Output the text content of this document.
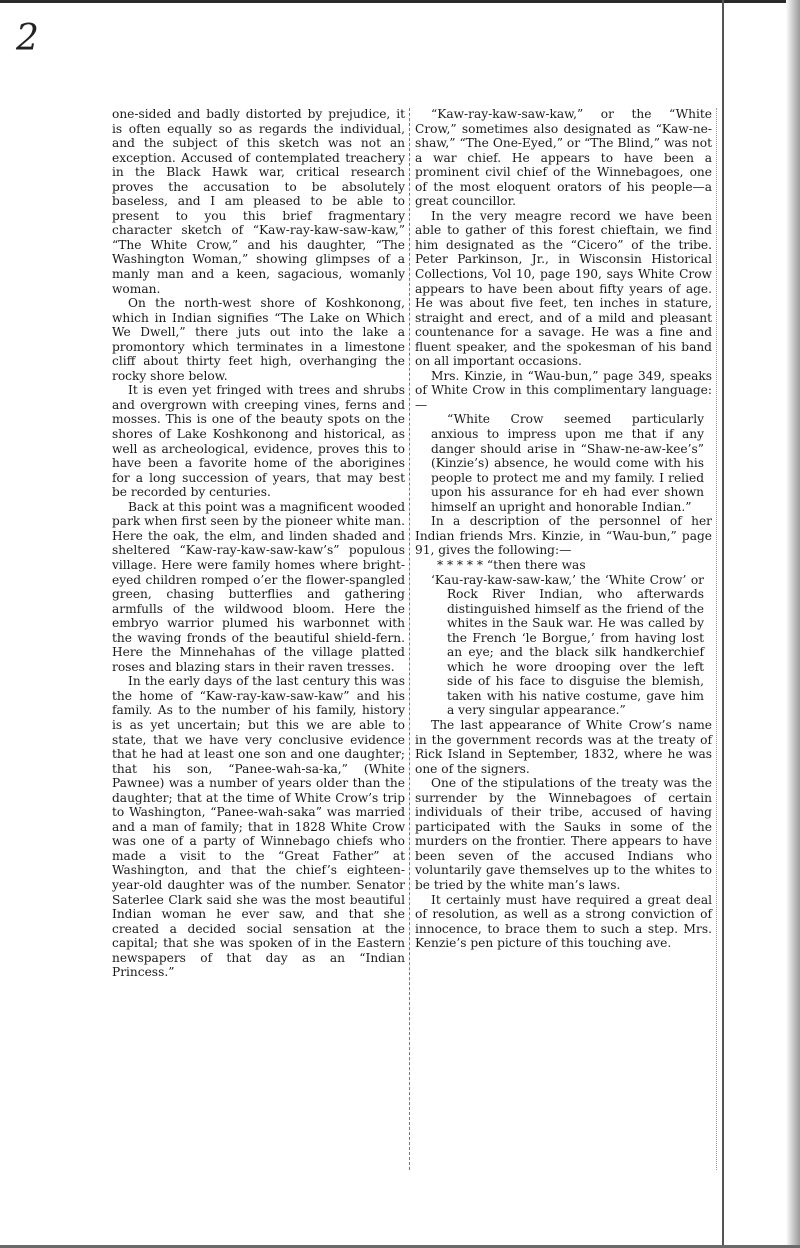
2

one-sided and badly distorted by prejudice, it is often equally so as regards the individual, and the subject of this sketch was not an exception. Accused of contemplated treachery in the Black Hawk war, critical research proves the accusation to be absolutely baseless, and I am pleased to be able to present to you this brief fragmentary character sketch of “Kaw-ray-kaw-saw-kaw,” “The White Crow,” and his daughter, “The Washington Woman,” showing glimpses of a manly man and a keen, sagacious, womanly woman.

On the north-west shore of Koshkonong, which in Indian signifies “The Lake on Which We Dwell,” there juts out into the lake a promontory which terminates in a limestone cliff about thirty feet high, overhanging the rocky shore below.

It is even yet fringed with trees and shrubs and overgrown with creeping vines, ferns and mosses. This is one of the beauty spots on the shores of Lake Koshkonong and historical, as well as archeological, evidence, proves this to have been a favorite home of the aborigines for a long succession of years, that may best be recorded by centuries.

Back at this point was a magnificent wooded park when first seen by the pioneer white man. Here the oak, the elm, and linden shaded and sheltered “Kaw-ray-kaw-saw-kaw’s” populous village. Here were family homes where bright-eyed children romped o’er the flower-spangled green, chasing butterflies and gathering armfulls of the wildwood bloom. Here the embryo warrior plumed his warbonnet with the waving fronds of the beautiful shield-fern. Here the Minnehahas of the village platted roses and blazing stars in their raven tresses.

In the early days of the last century this was the home of “Kaw-ray-kaw-saw-kaw” and his family. As to the number of his family, history is as yet uncertain; but this we are able to state, that we have very conclusive evidence that he had at least one son and one daughter; that his son, “Panee-wah-sa-ka,” (White Pawnee) was a number of years older than the daughter; that at the time of White Crow’s trip to Washington, “Panee-wah-saka” was married and a man of family; that in 1828 White Crow was one of a party of Winnebago chiefs who made a visit to the “Great Father” at Washington, and that the chief’s eighteen-year-old daughter was of the number. Senator Saterlee Clark said she was the most beautiful Indian woman he ever saw, and that she created a decided social sensation at the capital; that she was spoken of in the Eastern newspapers of that day as an “Indian Princess.”

“Kaw-ray-kaw-saw-kaw,” or the “White Crow,” sometimes also designated as “Kaw-ne-shaw,” “The One-Eyed,” or “The Blind,” was not a war chief. He appears to have been a prominent civil chief of the Winnebagoes, one of the most eloquent orators of his people—a great councillor.

In the very meagre record we have been able to gather of this forest chieftain, we find him designated as the “Cicero” of the tribe. Peter Parkinson, Jr., in Wisconsin Historical Collections, Vol 10, page 190, says White Crow appears to have been about fifty years of age. He was about five feet, ten inches in stature, straight and erect, and of a mild and pleasant countenance for a savage. He was a fine and fluent speaker, and the spokesman of his band on all important occasions.

Mrs. Kinzie, in “Wau-bun,” page 349, speaks of White Crow in this complimentary language:—

“White Crow seemed particularly anxious to impress upon me that if any danger should arise in “Shaw-ne-aw-kee’s” (Kinzie’s) absence, he would come with his people to protect me and my family. I relied upon his assurance for eh had ever shown himself an upright and honorable Indian.”

In a description of the personnel of her Indian friends Mrs. Kinzie, in “Wau-bun,” page 91, gives the following:—

* * * * * “then there was

‘Kau-ray-kaw-saw-kaw,’ the ‘White Crow’ or Rock River Indian, who afterwards distinguished himself as the friend of the whites in the Sauk war. He was called by the French ‘le Borgue,’ from having lost an eye; and the black silk handkerchief which he wore drooping over the left side of his face to disguise the blemish, taken with his native costume, gave him a very singular appearance.”

The last appearance of White Crow’s name in the government records was at the treaty of Rick Island in September, 1832, where he was one of the signers.

One of the stipulations of the treaty was the surrender by the Winnebagoes of certain individuals of their tribe, accused of having participated with the Sauks in some of the murders on the frontier. There appears to have been seven of the accused Indians who voluntarily gave themselves up to the whites to be tried by the white man’s laws.

It certainly must have required a great deal of resolution, as well as a strong conviction of innocence, to brace them to such a step. Mrs. Kenzie’s pen picture of this touching ave.
